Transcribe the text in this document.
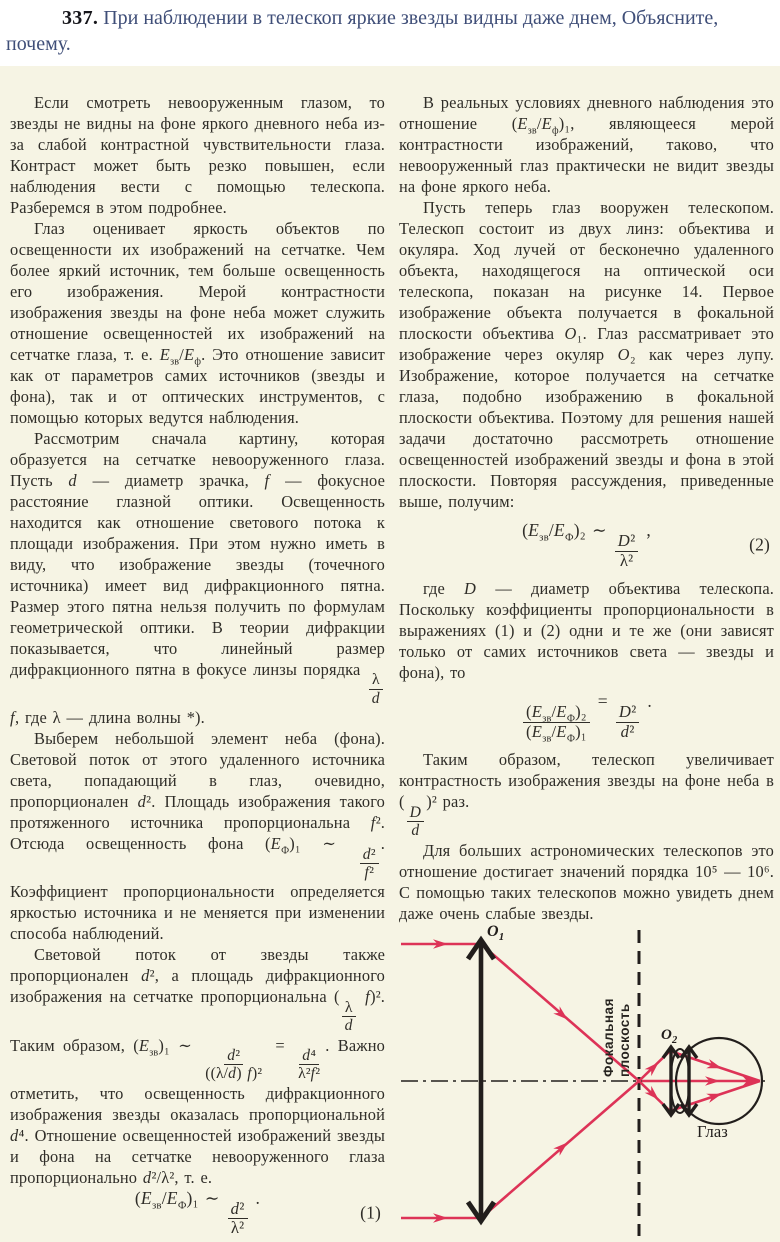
337. При наблюдении в телескоп яркие звезды видны даже днем, Объясните, почему.

Если смотреть невооруженным глазом, то звезды не видны на фоне яркого дневного неба из-за слабой контрастной чувствительности глаза. Контраст может быть резко повышен, если наблюдения вести с помощью телескопа. Разберемся в этом подробнее.

Глаз оценивает яркость объектов по освещенности их изображений на сетчатке. Чем более яркий источник, тем больше освещенность его изображения. Мерой контрастности изображения звезды на фоне неба может служить отношение освещенностей их изображений на сетчатке глаза, т. е. $E_{зв}/E_ф$. Это отношение зависит как от параметров самих источников (звезды и фона), так и от оптических инструментов, с помощью которых ведутся наблюдения.

Рассмотрим сначала картину, которая образуется на сетчатке невооруженного глаза. Пусть d — диаметр зрачка, f — фокусное расстояние глазной оптики. Освещенность находится как отношение светового потока к площади изображения. При этом нужно иметь в виду, что изображение звезды (точечного источника) имеет вид дифракционного пятна. Размер этого пятна нельзя получить по формулам геометрической оптики. В теории дифракции показывается, что линейный размер дифракционного пятна в фокусе линзы порядка
$\frac{\lambda}{d}$
f, где λ — длина волны *).

Выберем небольшой элемент неба (фона). Световой поток от этого удаленного источника света, попадающий в глаз, очевидно, пропорционален d². Площадь изображения такого протяженного источника пропорциональна f². Отсюда освещенность фона $(E_Ф)_1$ ∼
$\frac{\text{d²}}{\text{f²}}$
. Коэффициент пропорциональности определяется яркостью источника и не меняется при изменении способа наблюдений.

Световой поток от звезды также пропорционален d², а площадь дифракционного изображения на сетчатке пропорциональна (
$\frac{\lambda}{d}$
f)². Таким образом, $(E_{зв})_1$ ∼
$\frac{\text{d²}}{\text{((λ/d) f)²}}$
=
$\frac{\text{d⁴}}{\text{λ²f²}}$
. Важно отметить, что освещенность дифракционного изображения звезды оказалась пропорциональной d⁴. Отношение освещенностей изображений звезды и фона на сетчатке невооруженного глаза пропорционально d²/λ², т. е.

$(E_{зв}/E_Ф)_1$ ∼
$\frac{\text{d²}}{\text{λ²}}$
.
(1)

В реальных условиях дневного наблюдения это отношение $(E_{зв}/E_ф)_1$, являющееся мерой контрастности изображений, таково, что невооруженный глаз практически не видит звезды на фоне яркого неба.

Пусть теперь глаз вооружен телескопом. Телескоп состоит из двух линз: объектива и окуляра. Ход лучей от бесконечно удаленного объекта, находящегося на оптической оси телескопа, показан на рисунке 14. Первое изображение объекта получается в фокальной плоскости объектива O₁. Глаз рассматривает это изображение через окуляр O₂ как через лупу. Изображение, которое получается на сетчатке глаза, подобно изображению в фокальной плоскости объектива. Поэтому для решения нашей задачи достаточно рассмотреть отношение освещенностей изображений звезды и фона в этой плоскости. Повторяя рассуждения, приведенные выше, получим:

$(E_{зв}/E_Ф)_2$ ∼
$\frac{\text{D²}}{\text{λ²}}$
,
(2)

где D — диаметр объектива телескопа. Поскольку коэффициенты пропорциональности в выражениях (1) и (2) одни и те же (они зависят только от самих источников света — звезды и фона), то

$\frac{(E_{зв}/E_Ф)_2}{(E_{зв}/E_Ф)_1}$
=
$\frac{\text{D²}}{\text{d²}}$
.

Таким образом, телескоп увеличивает контрастность изображения звезды на фоне неба в (
$\frac{D}{d}$
)² раз.

Для больших астрономических телескопов это отношение достигает значений порядка 10⁵ — 10⁶. С помощью таких телескопов можно увидеть днем даже очень слабые звезды.

$O_1$
$O_2$
Фокальная плоскость
Глаз
